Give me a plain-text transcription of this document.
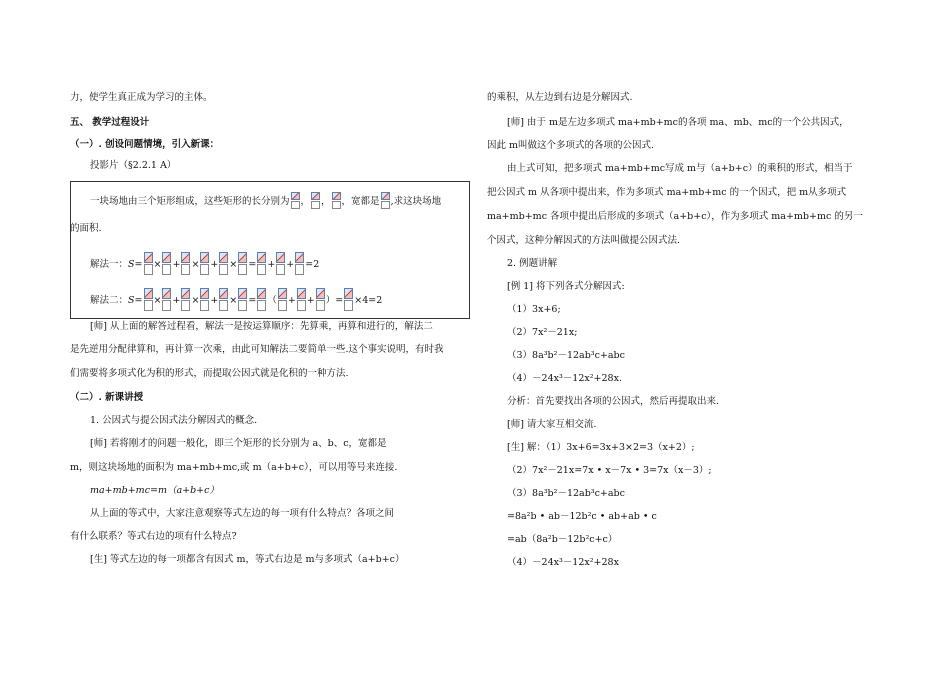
力，使学生真正成为学习的主体。
五、 教学过程设计
（一）. 创设问题情境，引入新课：
投影片（§2.2.1 A）
一块场地由三个矩形组成，这些矩形的长分别为 ， ， ，宽都是 ,求这块场地
的面积.
解法一：S= × + × + × = + + =2
解法二：S= × + × + × = （ + + ）= ×4=2
[师] 从上面的解答过程看，解法一是按运算顺序：先算乘，再算和进行的，解法二
是先逆用分配律算和，再计算一次乘，由此可知解法二要简单一些.这个事实说明，有时我
们需要将多项式化为积的形式，而提取公因式就是化积的一种方法.
（二）. 新课讲授
1. 公因式与提公因式法分解因式的概念.
[师] 若将刚才的问题一般化，即三个矩形的长分别为 a、b、c，宽都是
m，则这块场地的面积为 ma+mb+mc,或 m（a+b+c），可以用等号来连接.
ma+mb+mc=m（a+b+c）
从上面的等式中，大家注意观察等式左边的每一项有什么特点？各项之间
有什么联系？等式右边的项有什么特点?
[生] 等式左边的每一项都含有因式 m，等式右边是 m与多项式（a+b+c）
的乘积，从左边到右边是分解因式.
[师] 由于 m是左边多项式 ma+mb+mc的各项 ma、mb、mc的一个公共因式，
因此 m叫做这个多项式的各项的公因式.
由上式可知，把多项式 ma+mb+mc写成 m与（a+b+c）的乘积的形式，相当于
把公因式 m 从各项中提出来，作为多项式 ma+mb+mc 的一个因式，把 m从多项式
ma+mb+mc 各项中提出后形成的多项式（a+b+c），作为多项式 ma+mb+mc 的另一
个因式，这种分解因式的方法叫做提公因式法.
2. 例题讲解
[例 1] 将下列各式分解因式:
（1）3x+6;
（2）7x²－21x;
（3）8a³b²－12ab³c+abc
（4）－24x³－12x²+28x.
分析：首先要找出各项的公因式，然后再提取出来.
[师] 请大家互相交流.
[生] 解：（1）3x+6=3x+3×2=3（x+2）;
（2）7x²－21x=7x • x－7x • 3=7x（x－3）;
（3）8a³b²－12ab³c+abc
=8a²b • ab－12b²c • ab+ab • c
=ab（8a²b－12b²c+c）
（4）－24x³－12x²+28x
